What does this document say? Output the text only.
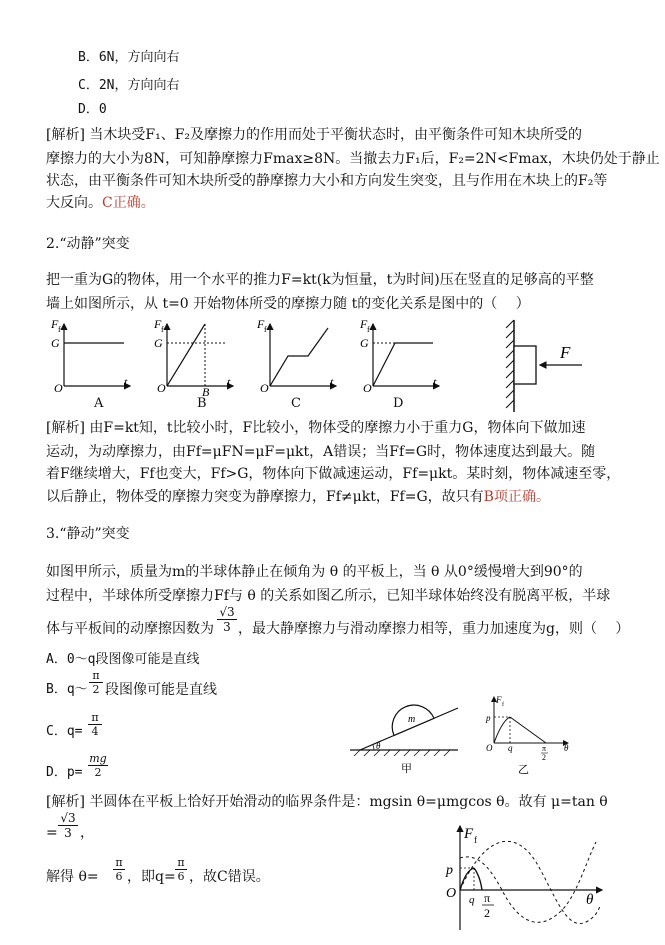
B．6N，方向向右
C．2N，方向向右
D．0
[解析] 当木块受F₁、F₂及摩擦力的作用而处于平衡状态时，由平衡条件可知木块所受的
摩擦力的大小为8N，可知静摩擦力Fmax≥8N。当撤去力F₁后，F₂=2N<Fmax，木块仍处于静止
状态，由平衡条件可知木块所受的静摩擦力大小和方向发生突变，且与作用在木块上的F₂等
大反向。C正确。
2.“动静”突变
把一重为G的物体，用一个水平的推力F=kt(k为恒量，t为时间)压在竖直的足够高的平整
墙上如图所示，从 t=0 开始物体所受的摩擦力随 t的变化关系是图中的（　 ）
F f
G
O	t
F f
G
O	B
t
F f
O	t
F f
G
O	t
F
A	B	C	D
[解析] 由F=kt知，t比较小时，F比较小，物体受的摩擦力小于重力G，物体向下做加速
运动，为动摩擦力，由Ff=μFN=μF=μkt，A错误；当Ff=G时，物体速度达到最大。随
着F继续增大，Ff也变大，Ff>G，物体向下做减速运动，Ff=μkt。某时刻，物体减速至零，
以后静止，物体受的摩擦力突变为静摩擦力，Ff≠μkt，Ff=G，故只有B项正确。
3.“静动”突变
如图甲所示，质量为m的半球体静止在倾角为 θ 的平板上，当 θ 从0°缓慢增大到90°的
过程中，半球体所受摩擦力Ff与 θ 的关系如图乙所示，已知半球体始终没有脱离平板，半球
体与平板间的动摩擦因数为 $\frac{√3}{3}$ ，最大静摩擦力与滑动摩擦力相等，重力加速度为g，则（　 ）
A．0～q段图像可能是直线
B．q～ $\frac{\pi}{2}$ 段图像可能是直线
C．$q= \frac{\pi}{4}$
D．$p= \frac{mg}{2}$
m
θ
甲
F f
p
O q	π
2
θ
乙
[解析] 半圆体在平板上恰好开始滑动的临界条件是：mgsin θ=μmgcos θ。故有 μ=tan θ
= $\frac{√3}{3}$ ，
解得 $\theta= \frac{\pi}{6}$ ，即$q= \frac{\pi}{6}$ ，故C错误。
F f
p
O q π
2
θ
